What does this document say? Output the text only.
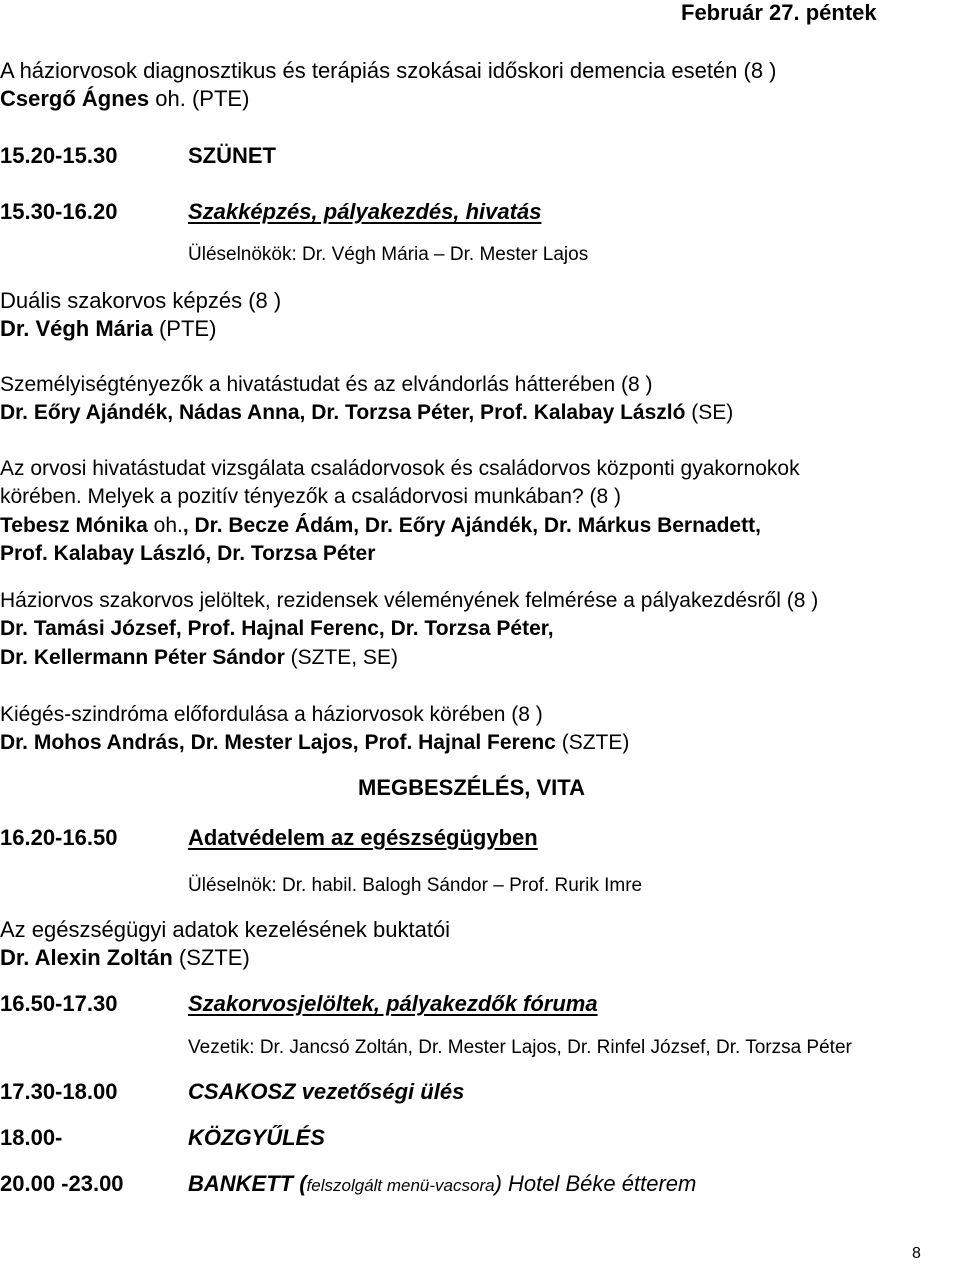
Február 27. péntek
A háziorvosok diagnosztikus és terápiás szokásai időskori demencia esetén (8 )
Csergő Ágnes oh. (PTE)
15.20-15.30	SZÜNET
15.30-16.20	Szakképzés, pályakezdés, hivatás
Üléselnökök: Dr. Végh Mária – Dr. Mester Lajos
Duális szakorvos képzés (8 )
Dr. Végh Mária (PTE)
Személyiségtényezők a hivatástudat és az elvándorlás hátterében (8 )
Dr. Eőry Ajándék, Nádas Anna, Dr. Torzsa Péter, Prof. Kalabay László (SE)
Az orvosi hivatástudat vizsgálata családorvosok és családorvos központi gyakornokok
körében. Melyek a pozitív tényezők a családorvosi munkában? (8 )
Tebesz Mónika oh., Dr. Becze Ádám, Dr. Eőry Ajándék, Dr. Márkus Bernadett,
Prof. Kalabay László, Dr. Torzsa Péter
Háziorvos szakorvos jelöltek, rezidensek véleményének felmérése a pályakezdésről (8 )
Dr. Tamási József, Prof. Hajnal Ferenc, Dr. Torzsa Péter,
Dr. Kellermann Péter Sándor (SZTE, SE)
Kiégés-szindróma előfordulása a háziorvosok körében (8 )
Dr. Mohos András, Dr. Mester Lajos, Prof. Hajnal Ferenc (SZTE)
MEGBESZÉLÉS, VITA
16.20-16.50	Adatvédelem az egészségügyben
Üléselnök: Dr. habil. Balogh Sándor – Prof. Rurik Imre
Az egészségügyi adatok kezelésének buktatói
Dr. Alexin Zoltán (SZTE)
16.50-17.30	Szakorvosjelöltek, pályakezdők fóruma
Vezetik: Dr. Jancsó Zoltán, Dr. Mester Lajos, Dr. Rinfel József, Dr. Torzsa Péter
17.30-18.00	CSAKOSZ vezetőségi ülés
18.00-	KÖZGYŰLÉS
20.00 -23.00	BANKETT (felszolgált menü-vacsora) Hotel Béke étterem
8
